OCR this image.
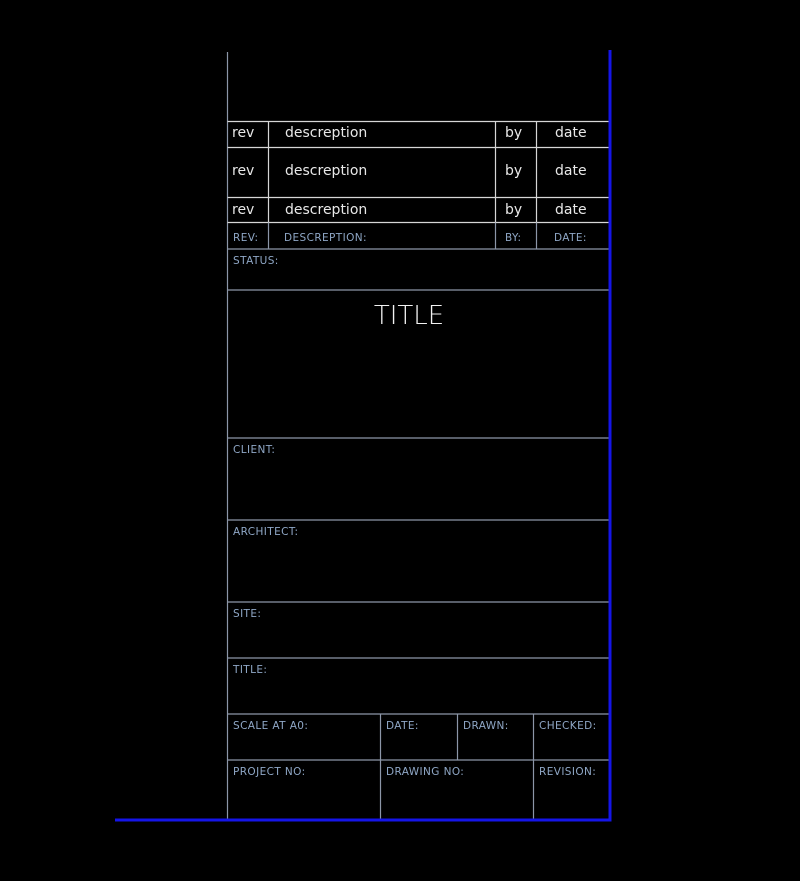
rev descreption	by date
rev descreption	by date
rev descreption	by date
REV: DESCREPTION:	BY:	DATE:
STATUS:
TITLE
CLIENT:
ARCHITECT:
SITE:
TITLE:
SCALE AT A0:	DATE:	DRAWN:	CHECKED:
PROJECT NO:	DRAWING NO:	REVISION:
